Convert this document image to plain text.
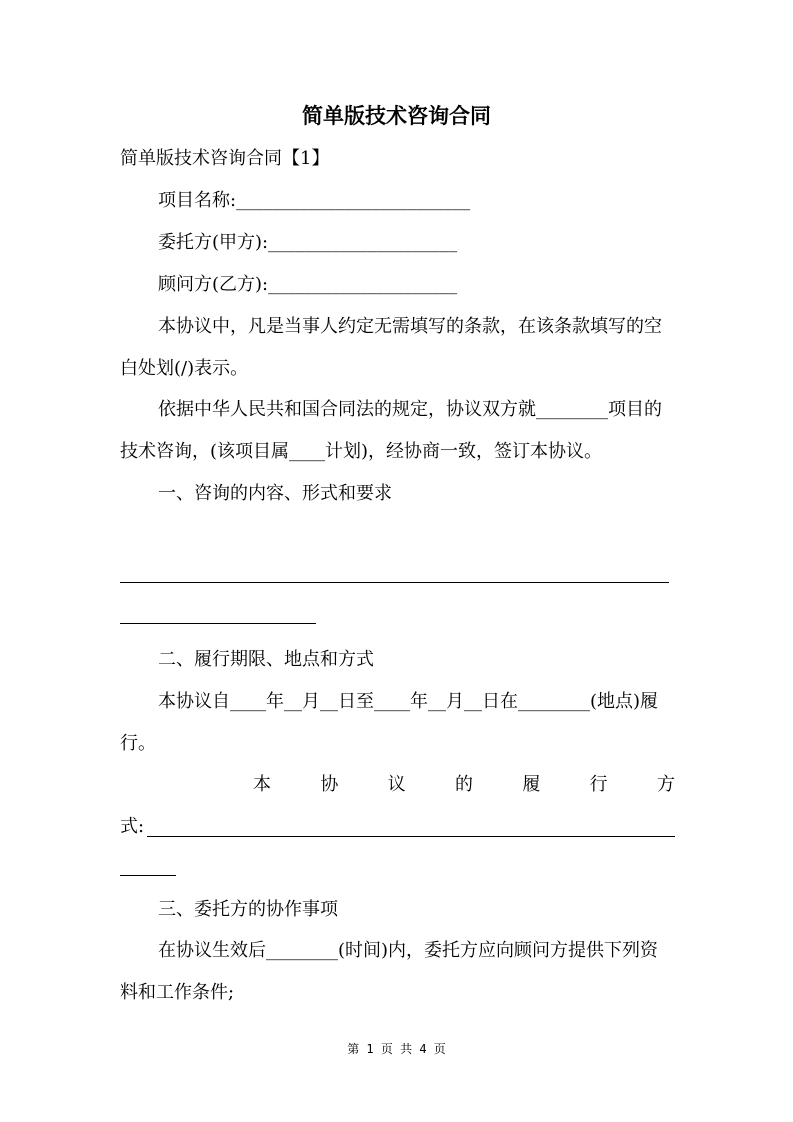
简单版技术咨询合同
简单版技术咨询合同【1】
项目名称:__________________________
委托方(甲方):_____________________
顾问方(乙方):_____________________
本协议中，凡是当事人约定无需填写的条款，在该条款填写的空
白处划(/)表示。
依据中华人民共和国合同法的规定，协议双方就________项目的
技术咨询，(该项目属____计划)，经协商一致，签订本协议。
一、咨询的内容、形式和要求
二、履行期限、地点和方式
本协议自____年__月__日至____年__月__日在________(地点)履
行。
本	协	议	的	履	行	方
式:
三、委托方的协作事项
在协议生效后________(时间)内，委托方应向顾问方提供下列资
料和工作条件;
第 1 页 共 4 页
